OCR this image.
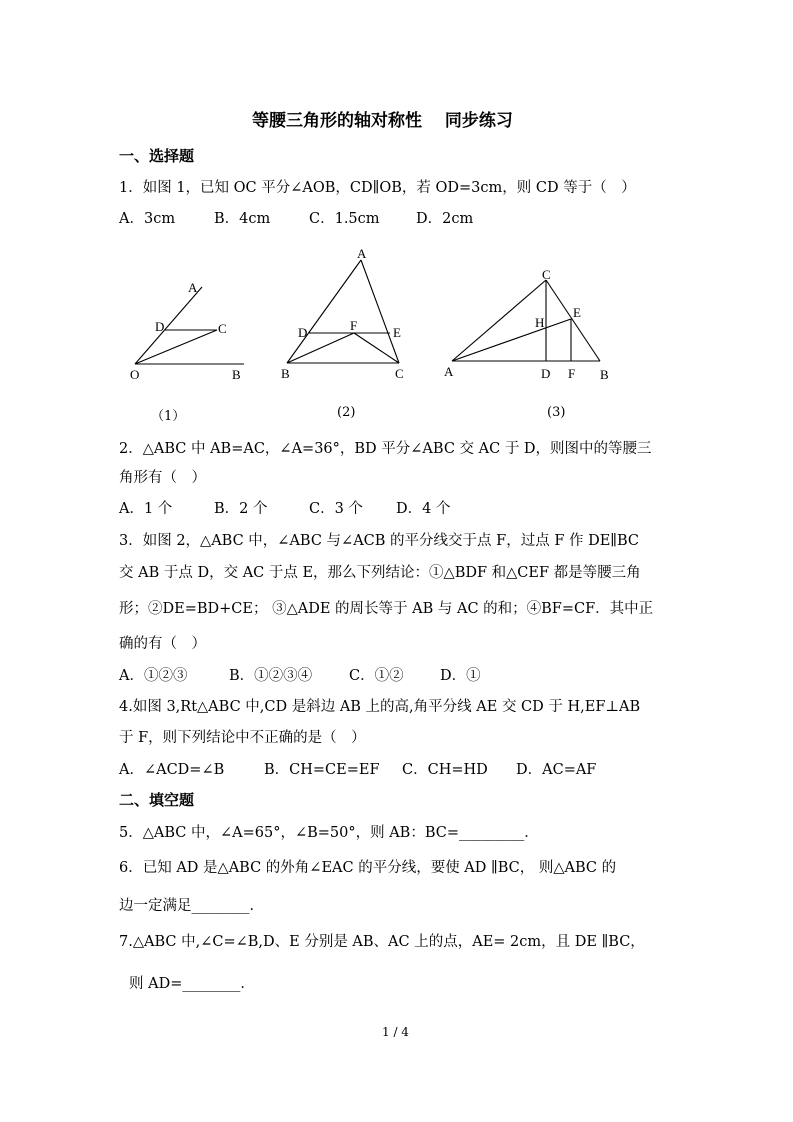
等腰三角形的轴对称性　 同步练习
一、选择题
1．如图 1，已知 OC 平分∠AOB，CD∥OB，若 OD=3cm，则 CD 等于（　）
A．3cm	B．4cm	C．1.5cm	D．2cm
A
D	C
O	B
（1）
A
D	F	E
B	C
(2)
C
E
H
A	D F B
(3)
2．△ABC 中 AB=AC，∠A=36°，BD 平分∠ABC 交 AC 于 D，则图中的等腰三
角形有（　）
A．1 个	B．2 个	C．3 个 D．4 个
3．如图 2，△ABC 中，∠ABC 与∠ACB 的平分线交于点 F，过点 F 作 DE∥BC
交 AB 于点 D，交 AC 于点 E，那么下列结论：①△BDF 和△CEF 都是等腰三角
形；②DE=BD+CE； ③△ADE 的周长等于 AB 与 AC 的和；④BF=CF．其中正
确的有（　）
A．①②③	B．①②③④	C．①②	D．①
4.如图 3,Rt△ABC 中,CD 是斜边 AB 上的高,角平分线 AE 交 CD 于 H,EF⊥AB
于 F，则下列结论中不正确的是（　）
A．∠ACD=∠B	B．CH=CE=EF C．CH=HD D．AC=AF
二、填空题
5．△ABC 中，∠A=65°，∠B=50°，则 AB：BC=_________．
6．已知 AD 是△ABC 的外角∠EAC 的平分线，要使 AD ∥BC， 则△ABC 的
边一定满足________．
7.△ABC 中,∠C=∠B,D、E 分别是 AB、AC 上的点，AE= 2cm，且 DE ∥BC，
则 AD=________．
1 / 4
